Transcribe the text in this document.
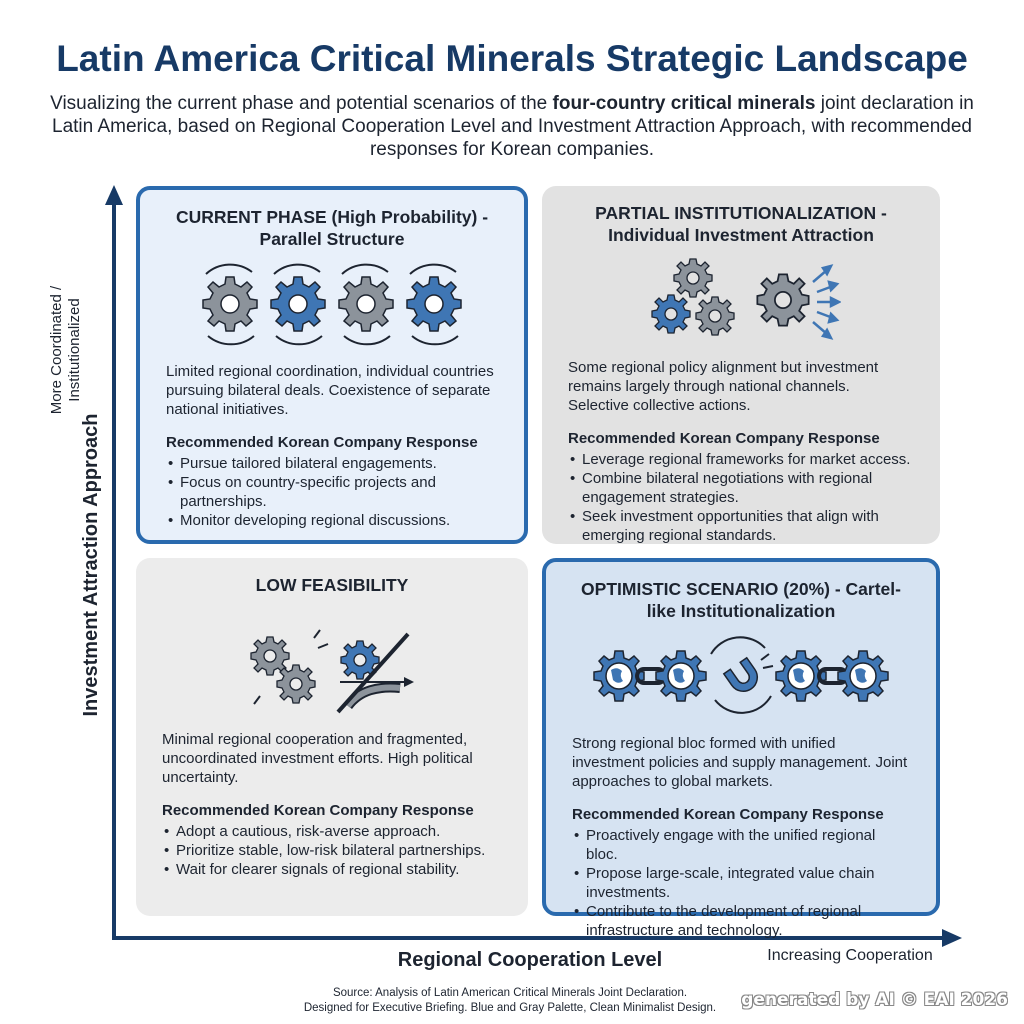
Latin America Critical Minerals Strategic Landscape
Visualizing the current phase and potential scenarios of the four-country critical minerals joint declaration in Latin America, based on Regional Cooperation Level and Investment Attraction Approach, with recommended responses for Korean companies.
More Coordinated / Institutionalized
Investment Attraction Approach
Regional Cooperation Level	Increasing Cooperation
CURRENT PHASE (High Probability) - Parallel Structure
Limited regional coordination, individual countries pursuing bilateral deals. Coexistence of separate national initiatives.
Recommended Korean Company Response
• Pursue tailored bilateral engagements.
• Focus on country-specific projects and partnerships.
• Monitor developing regional discussions.
PARTIAL INSTITUTIONALIZATION - Individual Investment Attraction
Some regional policy alignment but investment remains largely through national channels. Selective collective actions.
Recommended Korean Company Response
• Leverage regional frameworks for market access.
• Combine bilateral negotiations with regional engagement strategies.
• Seek investment opportunities that align with emerging regional standards.
LOW FEASIBILITY
Minimal regional cooperation and fragmented, uncoordinated investment efforts. High political uncertainty.
Recommended Korean Company Response
• Adopt a cautious, risk-averse approach.
• Prioritize stable, low-risk bilateral partnerships.
• Wait for clearer signals of regional stability.
OPTIMISTIC SCENARIO (20%) - Cartel-like Institutionalization
Strong regional bloc formed with unified investment policies and supply management. Joint approaches to global markets.
Recommended Korean Company Response
• Proactively engage with the unified regional bloc.
• Propose large-scale, integrated value chain investments.
• Contribute to the development of regional infrastructure and technology.
Source: Analysis of Latin American Critical Minerals Joint Declaration.
Designed for Executive Briefing. Blue and Gray Palette, Clean Minimalist Design.	generated by AI © EAI 2026
